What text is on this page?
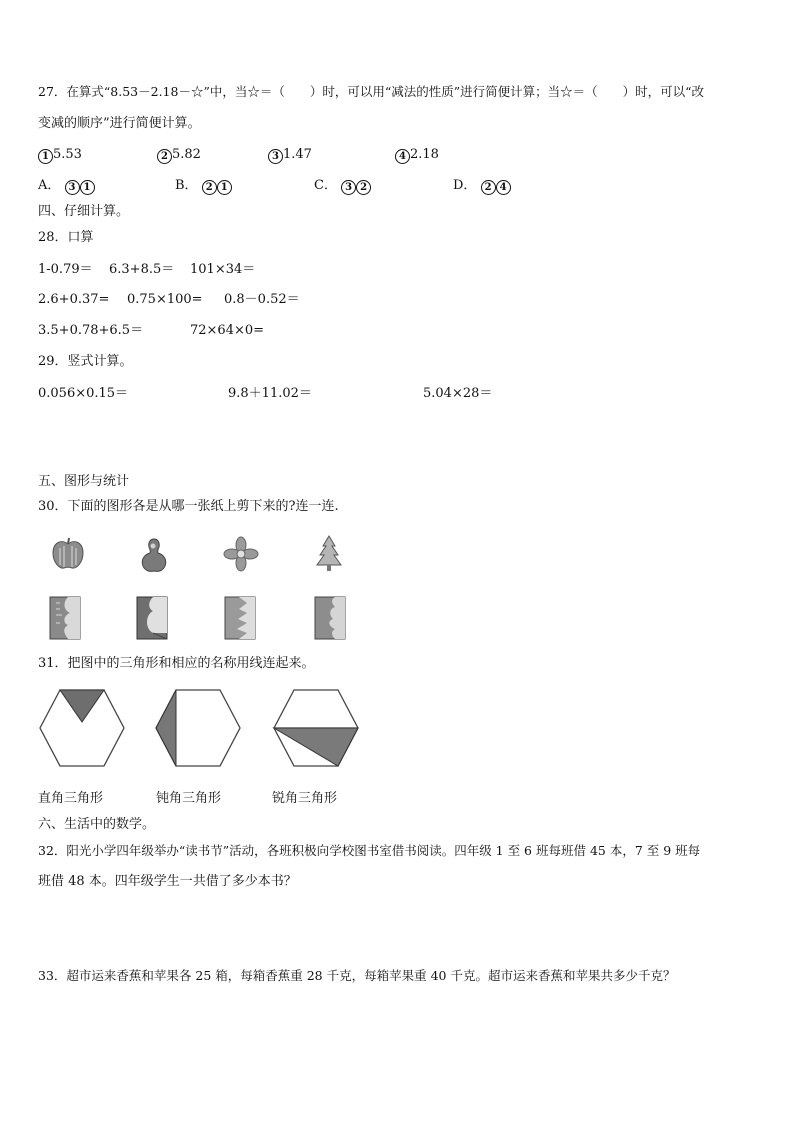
27．在算式“8.53－2.18－☆”中，当☆＝（　　）时，可以用“减法的性质”进行简便计算；当☆＝（　　）时，可以“改
变减的顺序”进行简便计算。
1 5.53	2 5.82	3 1.47	4 2.18
A． 3 1	B． 2 1	C． 3 2	D． 2 4
四、仔细计算。
28．口算
1-0.79＝ 6.3+8.5＝ 101×34＝
2.6+0.37= 0.75×100= 0.8－0.52＝
3.5+0.78+6.5＝	72×64×0=
29．竖式计算。
0.056×0.15＝	9.8＋11.02＝	5.04×28＝
五、图形与统计
30．下面的图形各是从哪一张纸上剪下来的?连一连.
31．把图中的三角形和相应的名称用线连起来。
直角三角形	钝角三角形	锐角三角形
六、生活中的数学。
32．阳光小学四年级举办“读书节”活动，各班积极向学校图书室借书阅读。四年级 1 至 6 班每班借 45 本，7 至 9 班每
班借 48 本。四年级学生一共借了多少本书？
33．超市运来香蕉和苹果各 25 箱，每箱香蕉重 28 千克，每箱苹果重 40 千克。超市运来香蕉和苹果共多少千克？
